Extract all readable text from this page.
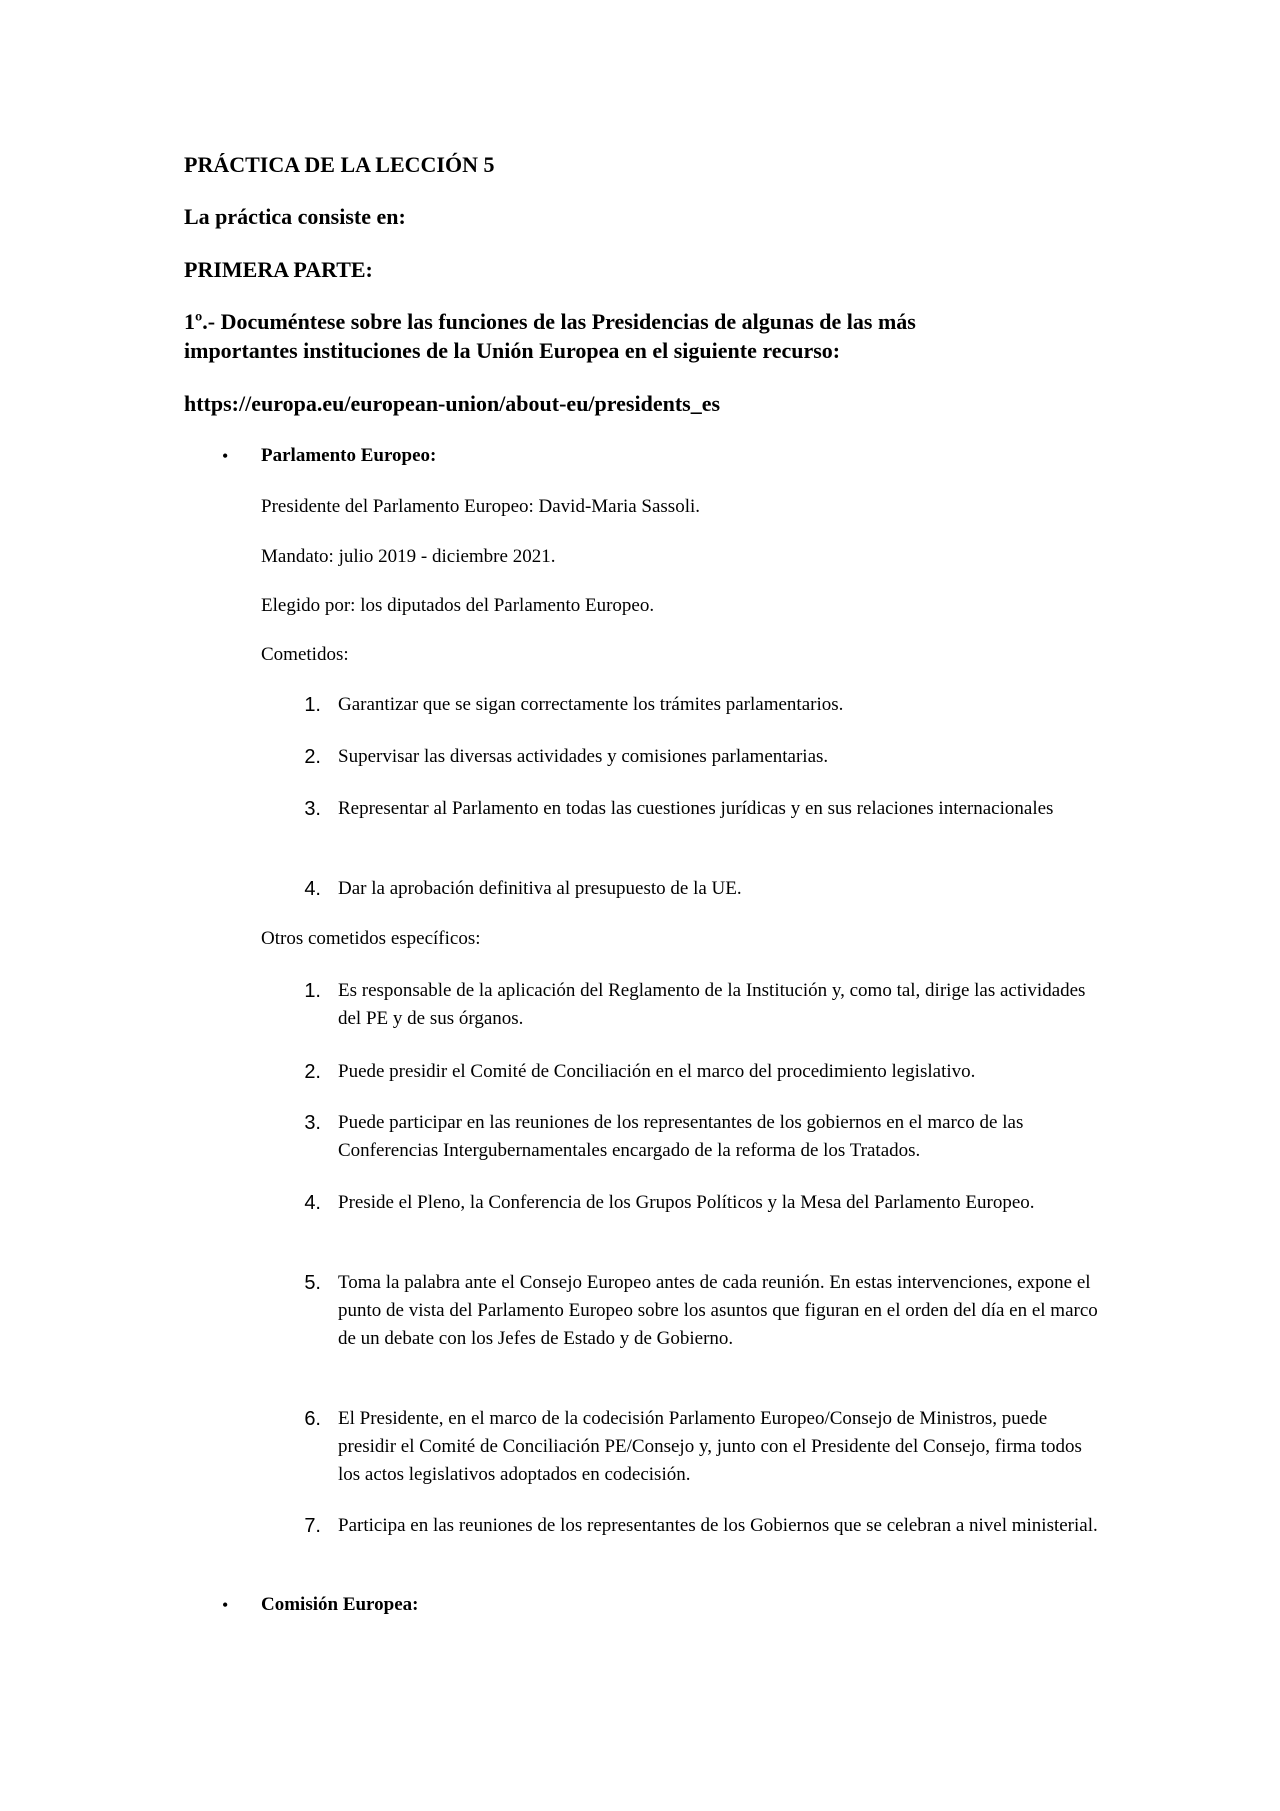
PRÁCTICA DE LA LECCIÓN 5
La práctica consiste en:
PRIMERA PARTE:
1º.- Documéntese sobre las funciones de las Presidencias de algunas de las más
importantes instituciones de la Unión Europea en el siguiente recurso:
https://europa.eu/european-union/about-eu/presidents_es
• Parlamento Europeo:
Presidente del Parlamento Europeo: David-Maria Sassoli.
Mandato: julio 2019 - diciembre 2021.
Elegido por: los diputados del Parlamento Europeo.
Cometidos:
1. Garantizar que se sigan correctamente los trámites parlamentarios.
2. Supervisar las diversas actividades y comisiones parlamentarias.
3. Representar al Parlamento en todas las cuestiones jurídicas y en sus relaciones internacionales
4. Dar la aprobación definitiva al presupuesto de la UE.
Otros cometidos específicos:
1. Es responsable de la aplicación del Reglamento de la Institución y, como tal, dirige las actividades del PE y de sus órganos.
2. Puede presidir el Comité de Conciliación en el marco del procedimiento legislativo.
3. Puede participar en las reuniones de los representantes de los gobiernos en el marco de las Conferencias Intergubernamentales encargado de la reforma de los Tratados.
4. Preside el Pleno, la Conferencia de los Grupos Políticos y la Mesa del Parlamento Europeo.
5. Toma la palabra ante el Consejo Europeo antes de cada reunión. En estas intervenciones, expone el punto de vista del Parlamento Europeo sobre los asuntos que figuran en el orden del día en el marco de un debate con los Jefes de Estado y de Gobierno.
6. El Presidente, en el marco de la codecisión Parlamento Europeo/Consejo de Ministros, puede presidir el Comité de Conciliación PE/Consejo y, junto con el Presidente del Consejo, firma todos los actos legislativos adoptados en codecisión.
7. Participa en las reuniones de los representantes de los Gobiernos que se celebran a nivel ministerial.
• Comisión Europea:
